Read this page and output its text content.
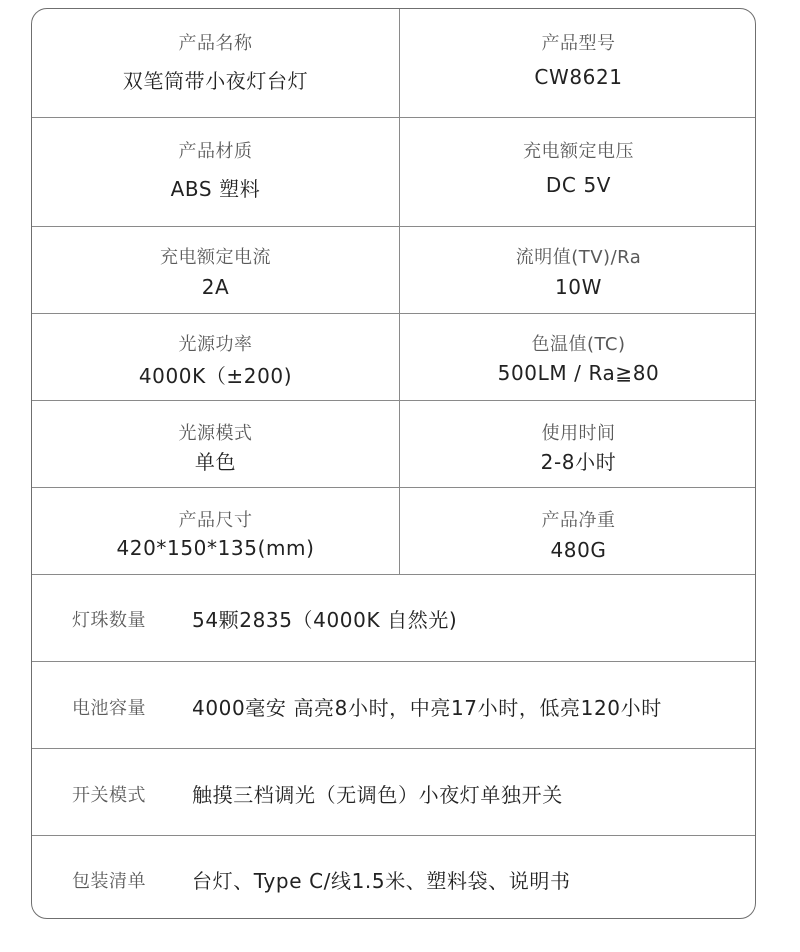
产品名称
双笔筒带小夜灯台灯
产品型号
CW8621
产品材质
ABS 塑料
充电额定电压
DC 5V
充电额定电流
2A
流明值(TV)/Ra
10W
光源功率
4000K（±200)
色温值(TC)
500LM / Ra≧80
光源模式
单色
使用时间
2-8小时
产品尺寸
420*150*135(mm)
产品净重
480G
灯珠数量 54颗2835（4000K 自然光)
电池容量 4000毫安 高亮8小时，中亮17小时，低亮120小时
开关模式 触摸三档调光（无调色）小夜灯单独开关
包装清单 台灯、Type C/线1.5米、塑料袋、说明书
